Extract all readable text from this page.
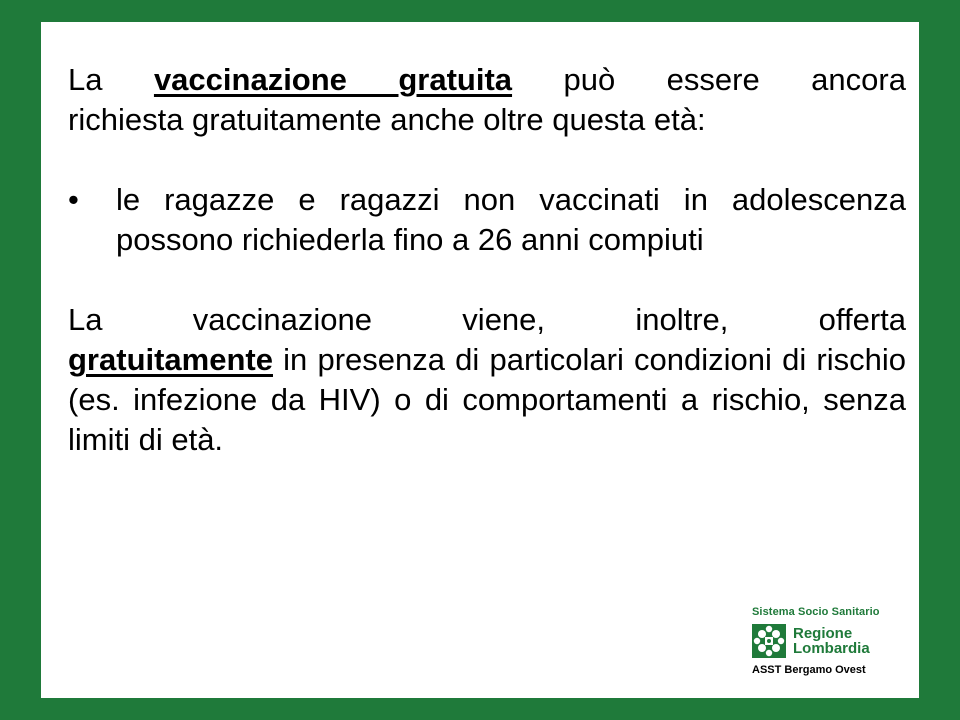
La vaccinazione gratuita può essere ancora

richiesta gratuitamente anche oltre questa età:

• le ragazze e ragazzi non vaccinati in adolescenza possono richiederla fino a 26 anni compiuti

La vaccinazione viene, inoltre, offerta

gratuitamente in presenza di particolari condizioni di rischio (es. infezione da HIV) o di comportamenti a rischio, senza limiti di età.

Sistema Socio Sanitario
Regione
Lombardia
ASST Bergamo Ovest
